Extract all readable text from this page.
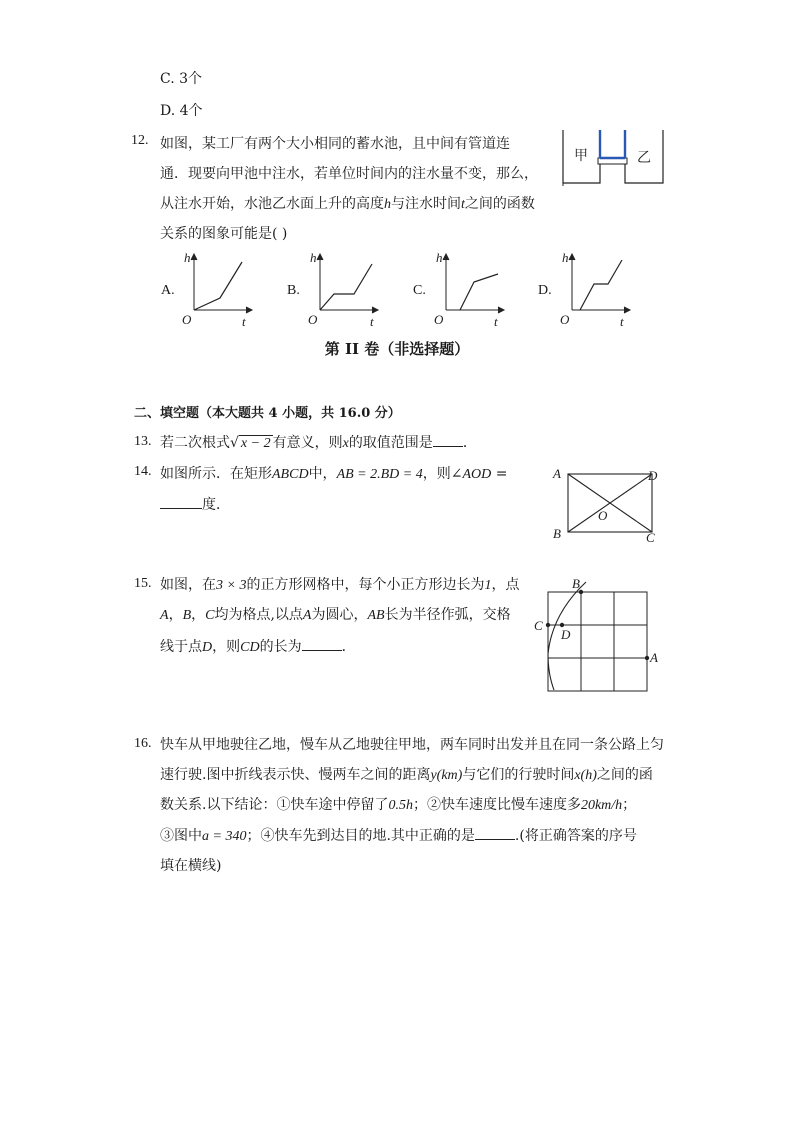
C. 3个
D. 4个
12. 如图，某工厂有两个大小相同的蓄水池，且中间有管道连
通．现要向甲池中注水，若单位时间内的注水量不变，那么，
从注水开始，水池乙水面上升的高度h与注水时间t之间的函数
关系的图象可能是( )
甲	乙
A.
h
t
O
B.
h
t
O
C.
h
t
O
D.
h
t
O
第 II 卷（非选择题）
二、填空题（本大题共 4 小题，共 16.0 分）
13. 若二次根式√ x − 2 有意义，则x的取值范围是 ．
14. 如图所示．在矩形ABCD中，AB = 2.BD = 4，则∠AOD =
度．
A
B	C
D
O
15. 如图，在3 × 3的正方形网格中，每个小正方形边长为1，点
A，B，C均为格点,以点A为圆心，AB长为半径作弧，交格
线于点D，则CD的长为	．
B
C
D
A
16. 快车从甲地驶往乙地，慢车从乙地驶往甲地，两车同时出发并且在同一条公路上匀
速行驶.图中折线表示快、慢两车之间的距离y(km)与它们的行驶时间x(h)之间的函
数关系.以下结论：①快车途中停留了0.5h；②快车速度比慢车速度多20km/h；
③图中a = 340；④快车先到达目的地.其中正确的是	.(将正确答案的序号
填在横线)
